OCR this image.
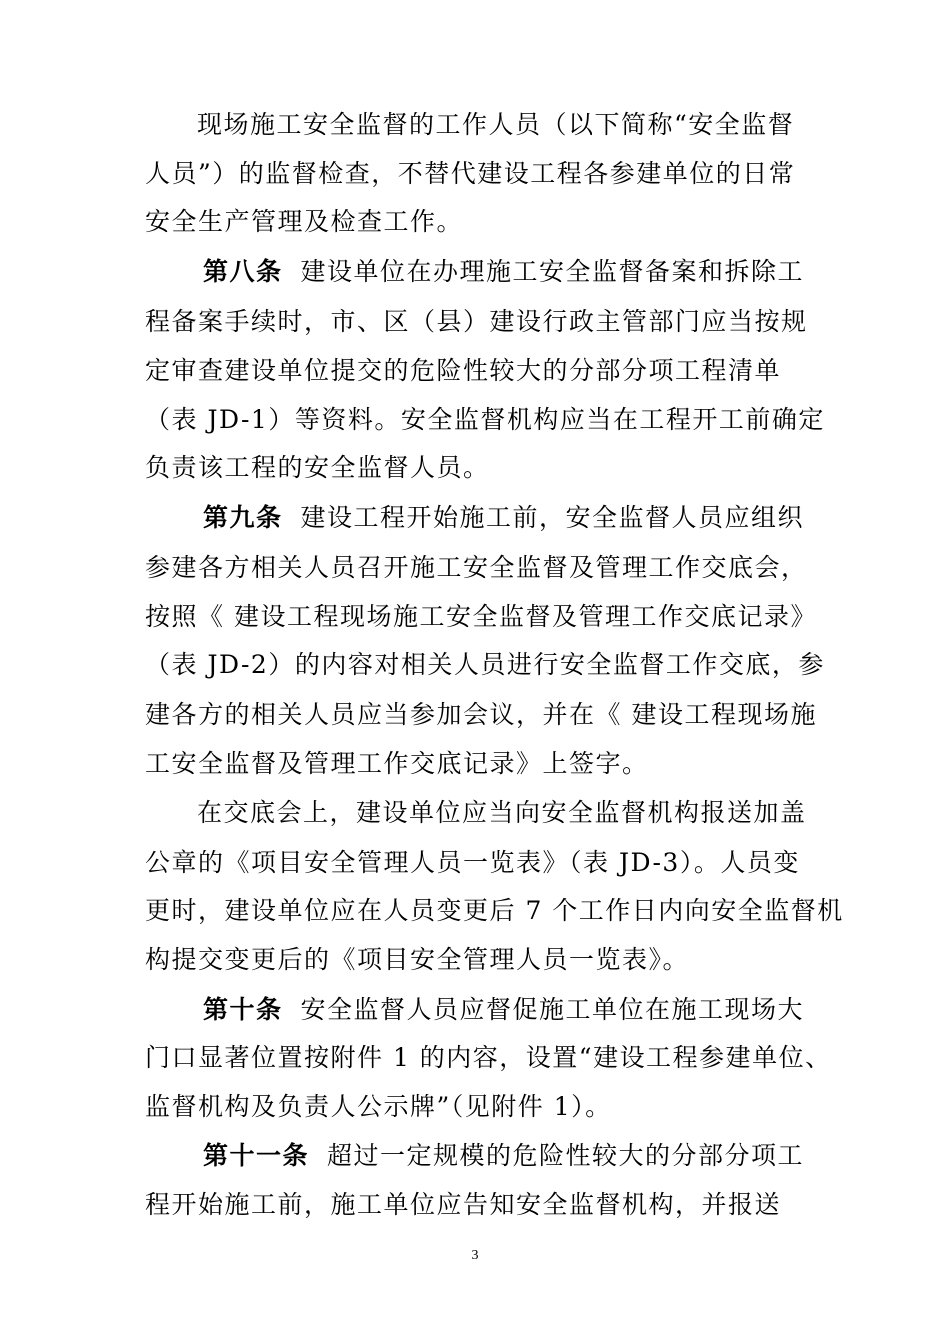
现场施工安全监督的工作人员（以下简称“安全监督
人员”）的监督检查，不替代建设工程各参建单位的日常
安全生产管理及检查工作。
第八条 建设单位在办理施工安全监督备案和拆除工
程备案手续时，市、区（县）建设行政主管部门应当按规
定审查建设单位提交的危险性较大的分部分项工程清单
（表 JD-1）等资料。安全监督机构应当在工程开工前确定
负责该工程的安全监督人员。
第九条 建设工程开始施工前，安全监督人员应组织
参建各方相关人员召开施工安全监督及管理工作交底会，
按照《 建设工程现场施工安全监督及管理工作交底记录》
（表 JD-2）的内容对相关人员进行安全监督工作交底，参
建各方的相关人员应当参加会议，并在《 建设工程现场施
工安全监督及管理工作交底记录》上签字。
在交底会上，建设单位应当向安全监督机构报送加盖
公章的《项目安全管理人员一览表》（表 JD-3）。人员变
更时，建设单位应在人员变更后 7 个工作日内向安全监督机
构提交变更后的《项目安全管理人员一览表》。
第十条 安全监督人员应督促施工单位在施工现场大
门口显著位置按附件 1 的内容，设置“建设工程参建单位、
监督机构及负责人公示牌”（见附件 1）。
第十一条 超过一定规模的危险性较大的分部分项工
程开始施工前，施工单位应告知安全监督机构，并报送
3
